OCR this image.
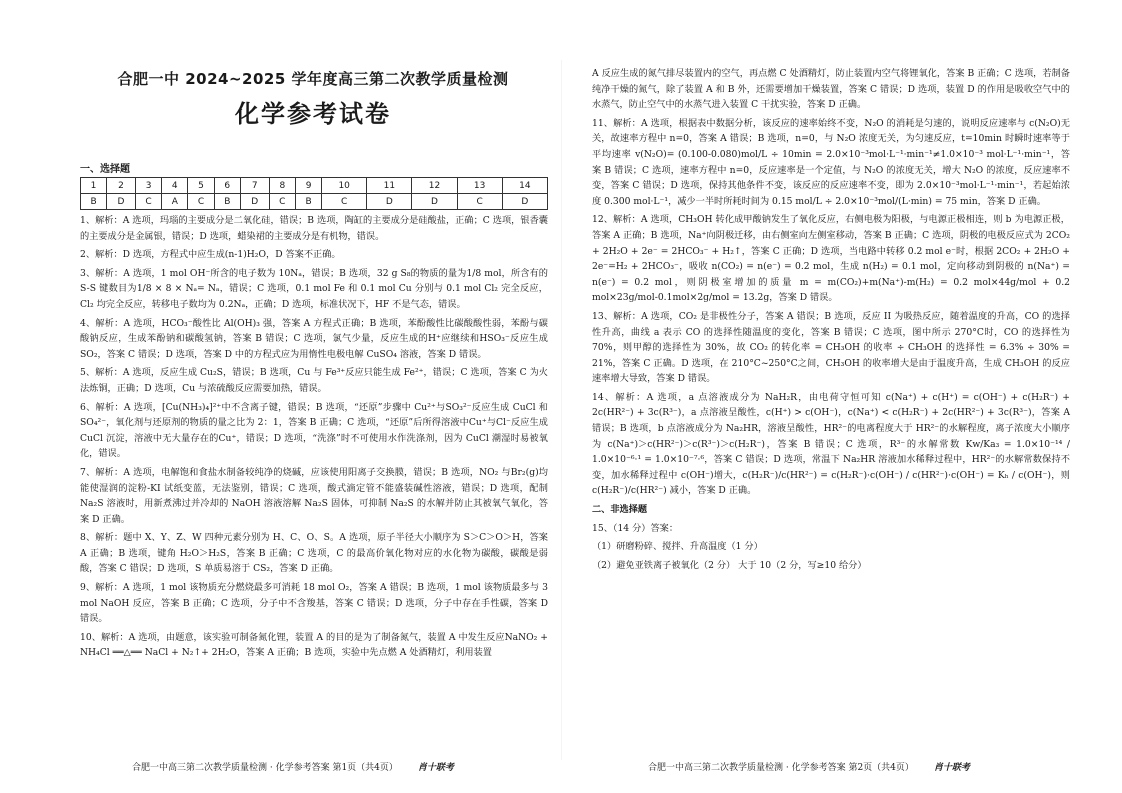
合肥一中 2024~2025 学年度高三第二次教学质量检测
化学参考试卷
一、选择题
1	2	3	4	5	6	7	8	9	10	11	12	13	14
B	D	C	A	C	B	D	C	B	C	D	D	C	D

1、解析：A 选项，玛瑙的主要成分是二氧化硅，错误；B 选项，陶缸的主要成分是硅酸盐，正确；C 选项，银香囊的主要成分是金属银，错误；D 选项，蜡染裙的主要成分是有机物，错误。

2、解析：D 选项，方程式中应生成(n-1)H₂O，D 答案不正确。

3、解析：A 选项，1 mol OH⁻所含的电子数为 10Nₐ，错误；B 选项，32 g S₈的物质的量为1/8 mol，所含有的 S-S 键数目为1/8 × 8 × Nₐ= Nₐ，错误；C 选项，0.1 mol Fe 和 0.1 mol Cu 分别与 0.1 mol Cl₂ 完全反应，Cl₂ 均完全反应，转移电子数均为 0.2Nₐ，正确；D 选项，标准状况下，HF 不是气态，错误。

4、解析：A 选项，HCO₃⁻酸性比 Al(OH)₃ 强，答案 A 方程式正确；B 选项，苯酚酸性比碳酸酸性弱，苯酚与碳酸钠反应，生成苯酚钠和碳酸氢钠，答案 B 错误；C 选项，氯气少量，反应生成的H⁺应继续和HSO₃⁻反应生成 SO₂，答案 C 错误；D 选项，答案 D 中的方程式应为用惰性电极电解 CuSO₄ 溶液，答案 D 错误。

5、解析：A 选项，反应生成 Cu₂S，错误；B 选项，Cu 与 Fe³⁺反应只能生成 Fe²⁺，错误；C 选项，答案 C 为火法炼铜，正确；D 选项，Cu 与浓硫酸反应需要加热，错误。

6、解析：A 选项，[Cu(NH₃)₄]²⁺中不含离子键，错误；B 选项，“还原”步骤中 Cu²⁺与SO₃²⁻反应生成 CuCl 和SO₄²⁻，氧化剂与还原剂的物质的量之比为 2：1，答案 B 正确；C 选项，“还原”后所得溶液中Cu⁺与Cl⁻反应生成 CuCl 沉淀，溶液中无大量存在的Cu⁺，错误；D 选项，“洗涤”时不可使用水作洗涤剂，因为 CuCl 潮湿时易被氧化，错误。

7、解析：A 选项，电解饱和食盐水制备较纯净的烧碱，应该使用阳离子交换膜，错误；B 选项，NO₂ 与Br₂(g)均能使湿润的淀粉-KI 试纸变蓝，无法鉴别，错误；C 选项，酸式滴定管不能盛装碱性溶液，错误；D 选项，配制 Na₂S 溶液时，用新煮沸过并冷却的 NaOH 溶液溶解 Na₂S 固体，可抑制 Na₂S 的水解并防止其被氧气氧化，答案 D 正确。

8、解析：题中 X、Y、Z、W 四种元素分别为 H、C、O、S。A 选项，原子半径大小顺序为 S＞C＞O＞H，答案 A 正确；B 选项，键角 H₂O＞H₂S，答案 B 正确；C 选项，C 的最高价氧化物对应的水化物为碳酸，碳酸是弱酸，答案 C 错误；D 选项，S 单质易溶于 CS₂，答案 D 正确。

9、解析：A 选项，1 mol 该物质充分燃烧最多可消耗 18 mol O₂，答案 A 错误；B 选项，1 mol 该物质最多与 3 mol NaOH 反应，答案 B 正确；C 选项，分子中不含羧基，答案 C 错误；D 选项，分子中存在手性碳，答案 D 错误。

10、解析：A 选项，由题意，该实验可制备氮化锂，装置 A 的目的是为了制备氮气，装置 A 中发生反应NaNO₂ + NH₄Cl ══△══ NaCl + N₂↑+ 2H₂O，答案 A 正确；B 选项，实验中先点燃 A 处酒精灯，利用装置

A 反应生成的氮气排尽装置内的空气，再点燃 C 处酒精灯，防止装置内空气将锂氧化，答案 B 正确；C 选项，若制备纯净干燥的氮气，除了装置 A 和 B 外，还需要增加干燥装置，答案 C 错误；D 选项，装置 D 的作用是吸收空气中的水蒸气，防止空气中的水蒸气进入装置 C 干扰实验，答案 D 正确。

11、解析：A 选项，根据表中数据分析，该反应的速率始终不变，N₂O 的消耗是匀速的，说明反应速率与 c(N₂O)无关，故速率方程中 n=0，答案 A 错误；B 选项，n=0，与 N₂O 浓度无关，为匀速反应，t=10min 时瞬时速率等于平均速率 v(N₂O)= (0.100-0.080)mol/L ÷ 10min = 2.0×10⁻³mol·L⁻¹·min⁻¹≠1.0×10⁻³ mol·L⁻¹·min⁻¹，答案 B 错误；C 选项，速率方程中 n=0，反应速率是一个定值，与 N₂O 的浓度无关，增大 N₂O 的浓度，反应速率不变，答案 C 错误；D 选项，保持其他条件不变，该反应的反应速率不变，即为 2.0×10⁻³mol·L⁻¹·min⁻¹，若起始浓度 0.300 mol·L⁻¹，减少一半时所耗时间为 0.15 mol/L ÷ 2.0×10⁻³mol/(L·min) = 75 min，答案 D 正确。

12、解析：A 选项，CH₃OH 转化成甲酸钠发生了氧化反应，右侧电极为阳极，与电源正极相连，则 b 为电源正极，答案 A 正确；B 选项，Na⁺向阴极迁移，由右侧室向左侧室移动，答案 B 正确；C 选项，阴极的电极反应式为 2CO₂ + 2H₂O + 2e⁻ = 2HCO₃⁻ + H₂↑，答案 C 正确；D 选项，当电路中转移 0.2 mol e⁻时，根据 2CO₂ + 2H₂O + 2e⁻=H₂ + 2HCO₃⁻，吸收 n(CO₂) = n(e⁻) = 0.2 mol，生成 n(H₂) = 0.1 mol，定向移动到阴极的 n(Na⁺) = n(e⁻) = 0.2 mol，则阴极室增加的质量 m = m(CO₂)+m(Na⁺)-m(H₂) = 0.2 mol×44g/mol + 0.2 mol×23g/mol-0.1mol×2g/mol = 13.2g，答案 D 错误。

13、解析：A 选项，CO₂ 是非极性分子，答案 A 错误；B 选项，反应 II 为吸热反应，随着温度的升高，CO 的选择性升高，曲线 a 表示 CO 的选择性随温度的变化，答案 B 错误；C 选项，图中所示 270°C时，CO 的选择性为 70%，则甲醇的选择性为 30%，故 CO₂ 的转化率 = CH₃OH 的收率 ÷ CH₃OH 的选择性 = 6.3% ÷ 30% = 21%，答案 C 正确。D 选项，在 210°C~250°C之间，CH₃OH 的收率增大是由于温度升高，生成 CH₃OH 的反应速率增大导致，答案 D 错误。

14、解析：A 选项，a 点溶液成分为 NaH₂R，由电荷守恒可知 c(Na⁺) + c(H⁺) = c(OH⁻) + c(H₂R⁻) + 2c(HR²⁻) + 3c(R³⁻)，a 点溶液呈酸性，c(H⁺) > c(OH⁻)，c(Na⁺) < c(H₂R⁻) + 2c(HR²⁻) + 3c(R³⁻)，答案 A 错误；B 选项，b 点溶液成分为 Na₂HR，溶液呈酸性，HR²⁻的电离程度大于 HR²⁻的水解程度，离子浓度大小顺序为 c(Na⁺)＞c(HR²⁻)＞c(R³⁻)＞c(H₂R⁻)，答案 B 错误；C 选项，R³⁻的水解常数 Kw/Ka₃ = 1.0×10⁻¹⁴ / 1.0×10⁻⁶·¹ = 1.0×10⁻⁷·⁶，答案 C 错误；D 选项，常温下 Na₂HR 溶液加水稀释过程中，HR²⁻的水解常数保持不变，加水稀释过程中 c(OH⁻)增大，c(H₂R⁻)/c(HR²⁻) = c(H₂R⁻)·c(OH⁻) / c(HR²⁻)·c(OH⁻) = Kₕ / c(OH⁻)，则 c(H₂R⁻)/c(HR²⁻) 减小，答案 D 正确。

二、非选择题

15、（14 分）答案：

（1）研磨粉碎、搅拌、升高温度（1 分）

（2）避免亚铁离子被氧化（2 分） 大于 10（2 分，写≥10 给分）

合肥一中高三第二次教学质量检测 · 化学参考答案 第1页（共4页） 肖十联考	合肥一中高三第二次教学质量检测 · 化学参考答案 第2页（共4页） 肖十联考
